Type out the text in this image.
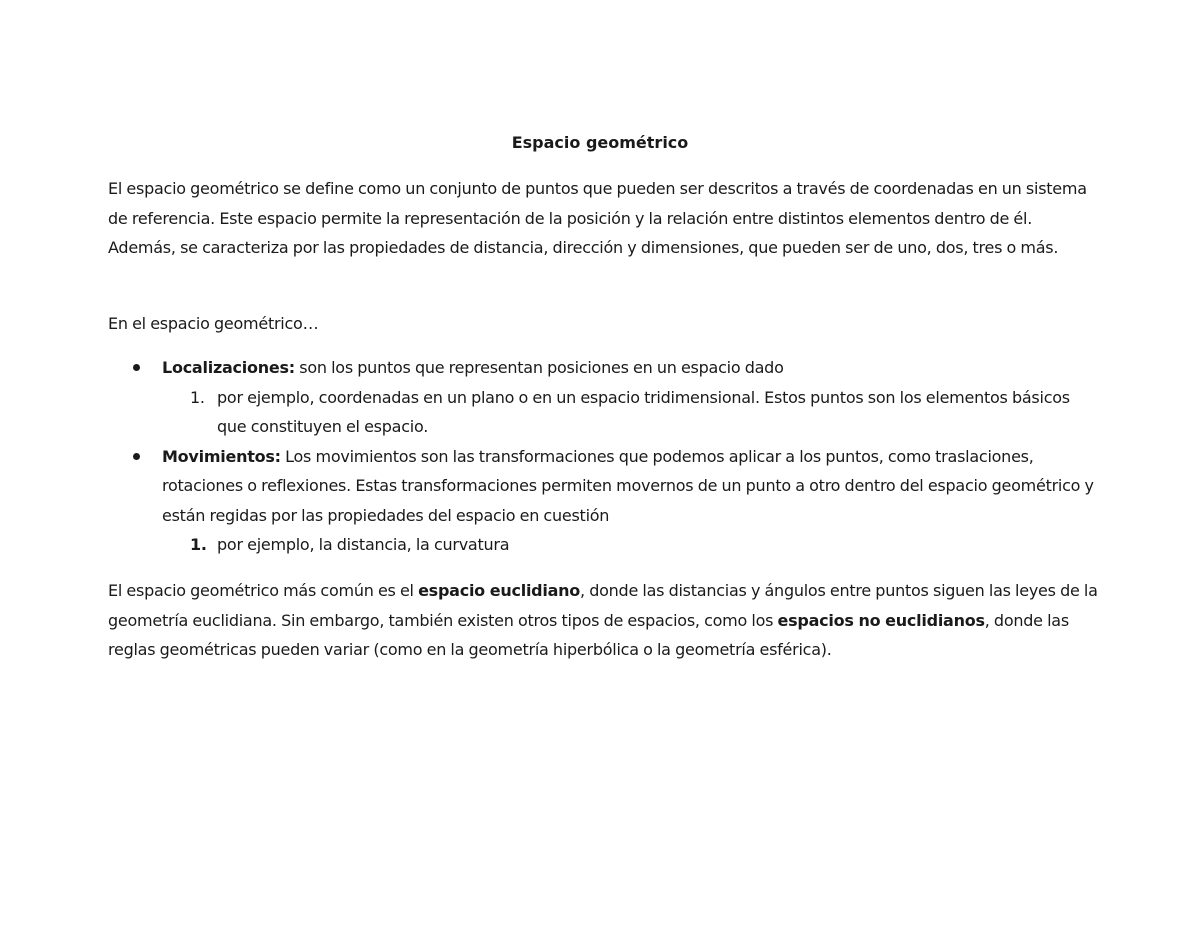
Espacio geométrico
El espacio geométrico se define como un conjunto de puntos que pueden ser descritos a través de coordenadas en un sistema de referencia. Este espacio permite la representación de la posición y la relación entre distintos elementos dentro de él. Además, se caracteriza por las propiedades de distancia, dirección y dimensiones, que pueden ser de uno, dos, tres o más.
En el espacio geométrico…
Localizaciones: son los puntos que representan posiciones en un espacio dado
1. por ejemplo, coordenadas en un plano o en un espacio tridimensional. Estos puntos son los elementos básicos que constituyen el espacio.
Movimientos: Los movimientos son las transformaciones que podemos aplicar a los puntos, como traslaciones, rotaciones o reflexiones. Estas transformaciones permiten movernos de un punto a otro dentro del espacio geométrico y están regidas por las propiedades del espacio en cuestión
1. por ejemplo, la distancia, la curvatura
El espacio geométrico más común es el espacio euclidiano, donde las distancias y ángulos entre puntos siguen las leyes de la geometría euclidiana. Sin embargo, también existen otros tipos de espacios, como los espacios no euclidianos, donde las reglas geométricas pueden variar (como en la geometría hiperbólica o la geometría esférica).
